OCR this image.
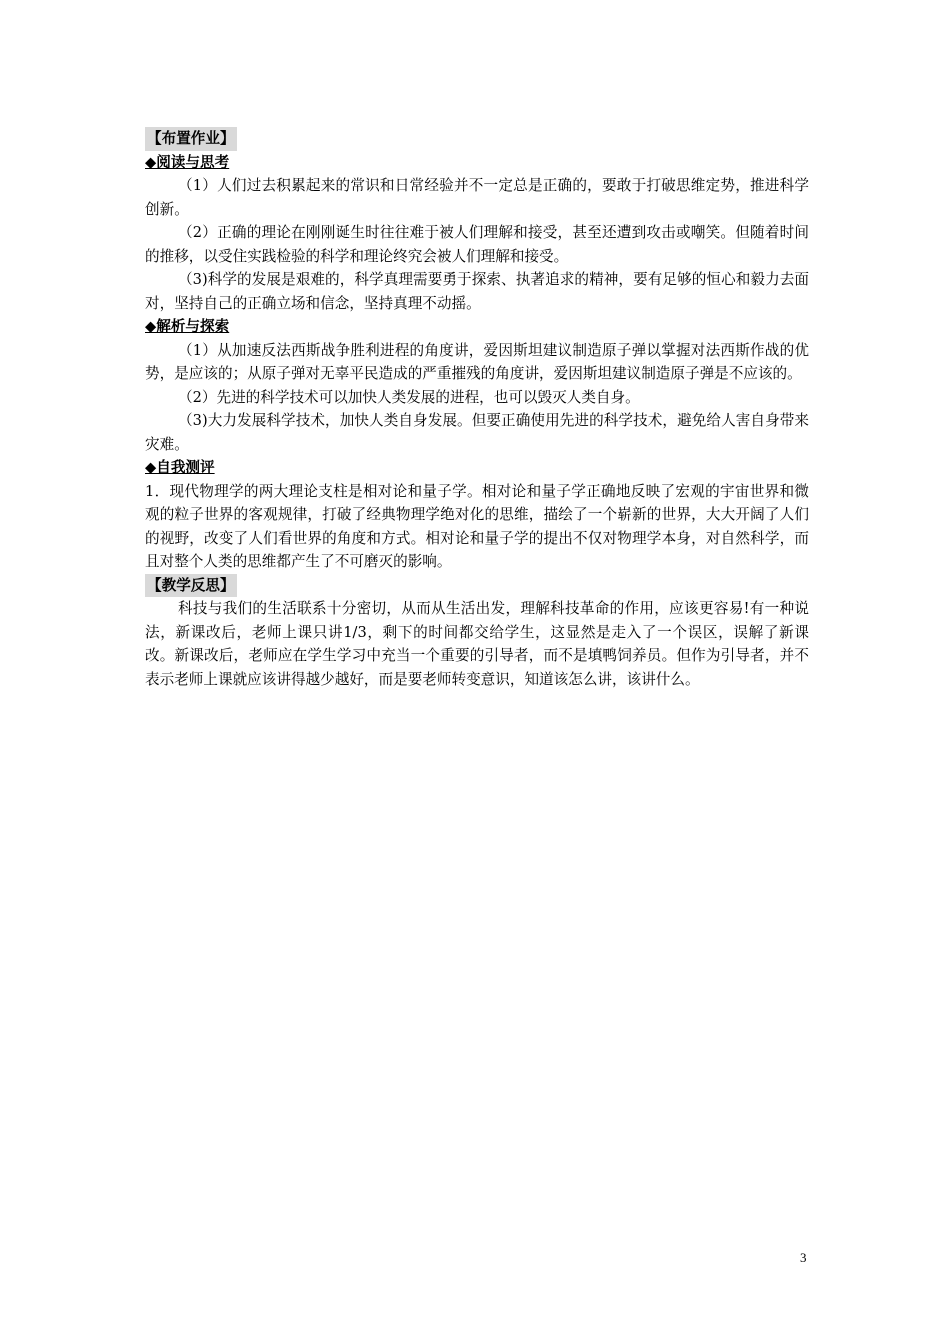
【布置作业】

◆阅读与思考

（1）人们过去积累起来的常识和日常经验并不一定总是正确的，要敢于打破思维定势，推进科学创新。

（2）正确的理论在刚刚诞生时往往难于被人们理解和接受，甚至还遭到攻击或嘲笑。但随着时间的推移，以受住实践检验的科学和理论终究会被人们理解和接受。

（3)科学的发展是艰难的，科学真理需要勇于探索、执著追求的精神，要有足够的恒心和毅力去面对，坚持自己的正确立场和信念，坚持真理不动摇。

◆解析与探索

（1）从加速反法西斯战争胜利进程的角度讲，爱因斯坦建议制造原子弹以掌握对法西斯作战的优势，是应该的；从原子弹对无辜平民造成的严重摧残的角度讲，爱因斯坦建议制造原子弹是不应该的。

（2）先进的科学技术可以加快人类发展的进程，也可以毁灭人类自身。

（3)大力发展科学技术，加快人类自身发展。但要正确使用先进的科学技术，避免给人害自身带来灾难。

◆自我测评

1．现代物理学的两大理论支柱是相对论和量子学。相对论和量子学正确地反映了宏观的宇宙世界和微观的粒子世界的客观规律，打破了经典物理学绝对化的思维，描绘了一个崭新的世界，大大开阔了人们的视野，改变了人们看世界的角度和方式。相对论和量子学的提出不仅对物理学本身，对自然科学，而且对整个人类的思维都产生了不可磨灭的影响。

【教学反思】

科技与我们的生活联系十分密切，从而从生活出发，理解科技革命的作用，应该更容易!有一种说法，新课改后，老师上课只讲1/3，剩下的时间都交给学生，这显然是走入了一个误区，误解了新课改。新课改后，老师应在学生学习中充当一个重要的引导者，而不是填鸭饲养员。但作为引导者，并不表示老师上课就应该讲得越少越好，而是要老师转变意识，知道该怎么讲，该讲什么。

3
